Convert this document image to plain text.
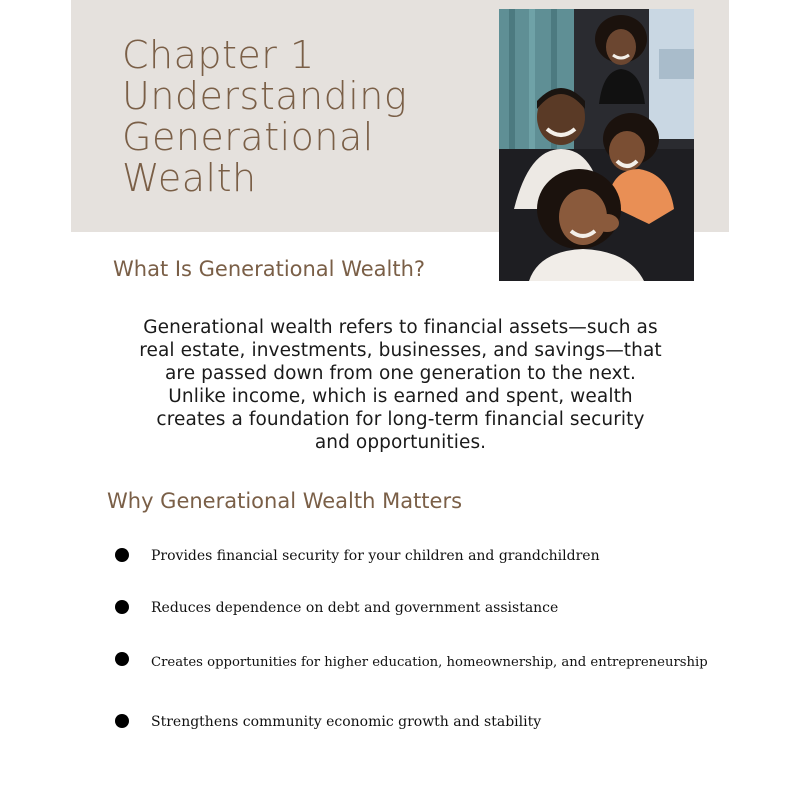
Chapter 1
Understanding
Generational
Wealth
What Is Generational Wealth?

Generational wealth refers to financial assets—such as
real estate, investments, businesses, and savings—that
are passed down from one generation to the next.
Unlike income, which is earned and spent, wealth
creates a foundation for long-term financial security
and opportunities.

Why Generational Wealth Matters
Provides financial security for your children and grandchildren
Reduces dependence on debt and government assistance
Creates opportunities for higher education, homeownership, and entrepreneurship
Strengthens community economic growth and stability
